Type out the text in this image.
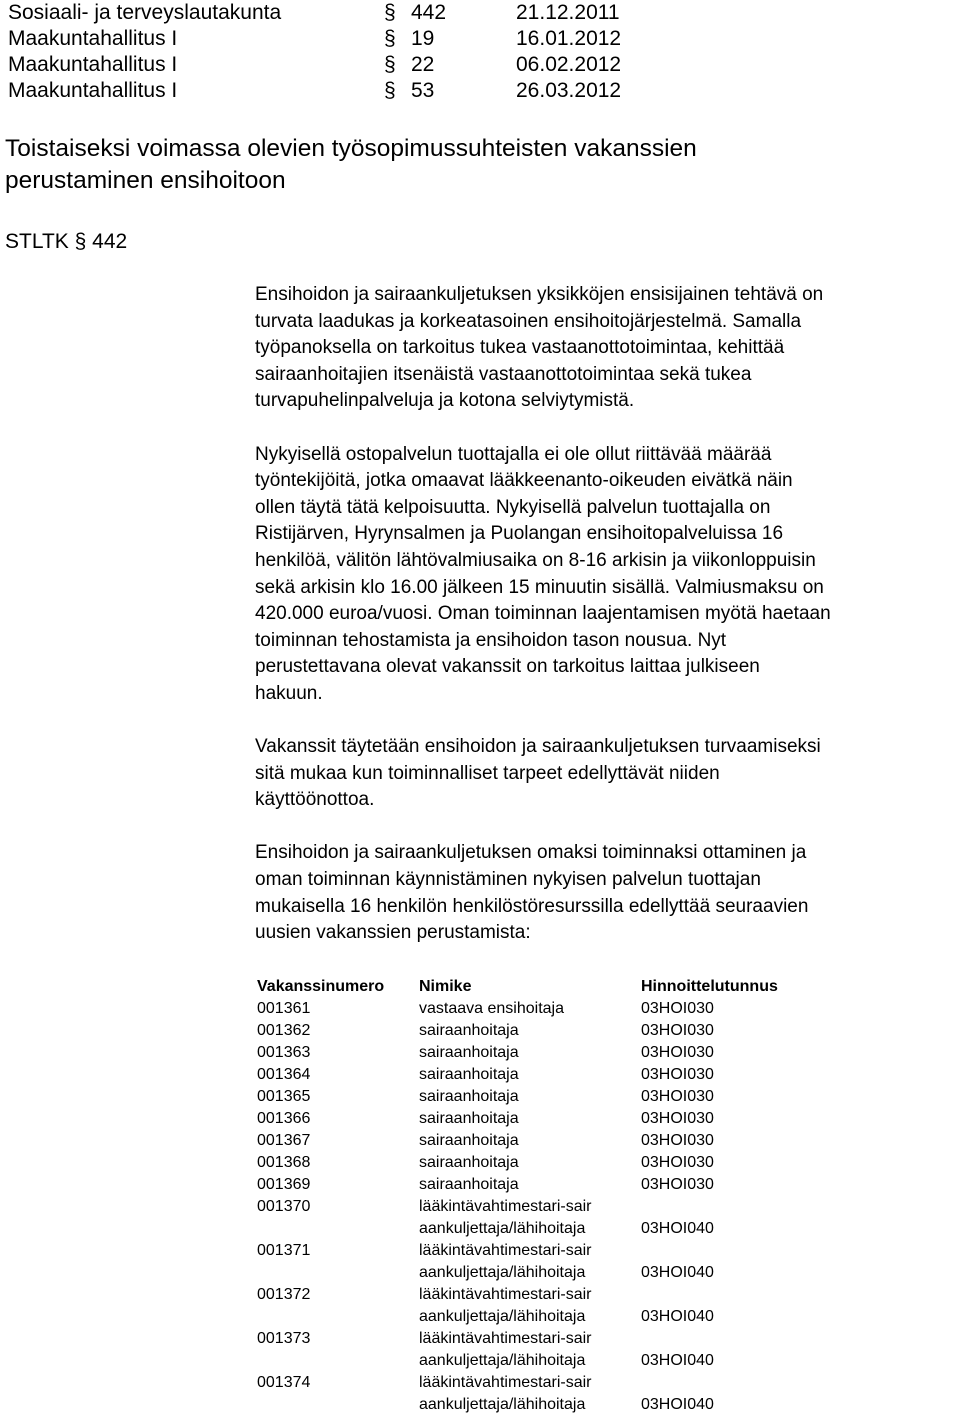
Sosiaali- ja terveyslautakunta	§ 442	21.12.2011
Maakuntahallitus I	§ 19	16.01.2012
Maakuntahallitus I	§ 22	06.02.2012
Maakuntahallitus I	§ 53	26.03.2012
Toistaiseksi voimassa olevien työsopimussuhteisten vakanssien
perustaminen ensihoitoon
STLTK § 442

Ensihoidon ja sairaankuljetuksen yksikköjen ensisijainen tehtävä on
turvata laadukas ja korkeatasoinen ensihoitojärjestelmä. Samalla
työpanoksella on tarkoitus tukea vastaanottotoimintaa, kehittää
sairaanhoitajien itsenäistä vastaanottotoimintaa sekä tukea
turvapuhelinpalveluja ja kotona selviytymistä.

Nykyisellä ostopalvelun tuottajalla ei ole ollut riittävää määrää
työntekijöitä, jotka omaavat lääkkeenanto-oikeuden eivätkä näin
ollen täytä tätä kelpoisuutta. Nykyisellä palvelun tuottajalla on
Ristijärven, Hyrynsalmen ja Puolangan ensihoitopalveluissa 16
henkilöä, välitön lähtövalmiusaika on 8-16 arkisin ja viikonloppuisin
sekä arkisin klo 16.00 jälkeen 15 minuutin sisällä. Valmiusmaksu on
420.000 euroa/vuosi. Oman toiminnan laajentamisen myötä haetaan
toiminnan tehostamista ja ensihoidon tason nousua. Nyt
perustettavana olevat vakanssit on tarkoitus laittaa julkiseen
hakuun.

Vakanssit täytetään ensihoidon ja sairaankuljetuksen turvaamiseksi
sitä mukaa kun toiminnalliset tarpeet edellyttävät niiden
käyttöönottoa.

Ensihoidon ja sairaankuljetuksen omaksi toiminnaksi ottaminen ja
oman toiminnan käynnistäminen nykyisen palvelun tuottajan
mukaisella 16 henkilön henkilöstöresurssilla edellyttää seuraavien
uusien vakanssien perustamista:

Vakanssinumero	Nimike	Hinnoittelutunnus
001361	vastaava ensihoitaja	03HOI030
001362	sairaanhoitaja	03HOI030
001363	sairaanhoitaja	03HOI030
001364	sairaanhoitaja	03HOI030
001365	sairaanhoitaja	03HOI030
001366	sairaanhoitaja	03HOI030
001367	sairaanhoitaja	03HOI030
001368	sairaanhoitaja	03HOI030
001369	sairaanhoitaja	03HOI030
001370	lääkintävahtimestari-sair
aankuljettaja/lähihoitaja	03HOI040
001371	lääkintävahtimestari-sair
aankuljettaja/lähihoitaja	03HOI040
001372	lääkintävahtimestari-sair
aankuljettaja/lähihoitaja	03HOI040
001373	lääkintävahtimestari-sair
aankuljettaja/lähihoitaja	03HOI040
001374	lääkintävahtimestari-sair
aankuljettaja/lähihoitaja	03HOI040
